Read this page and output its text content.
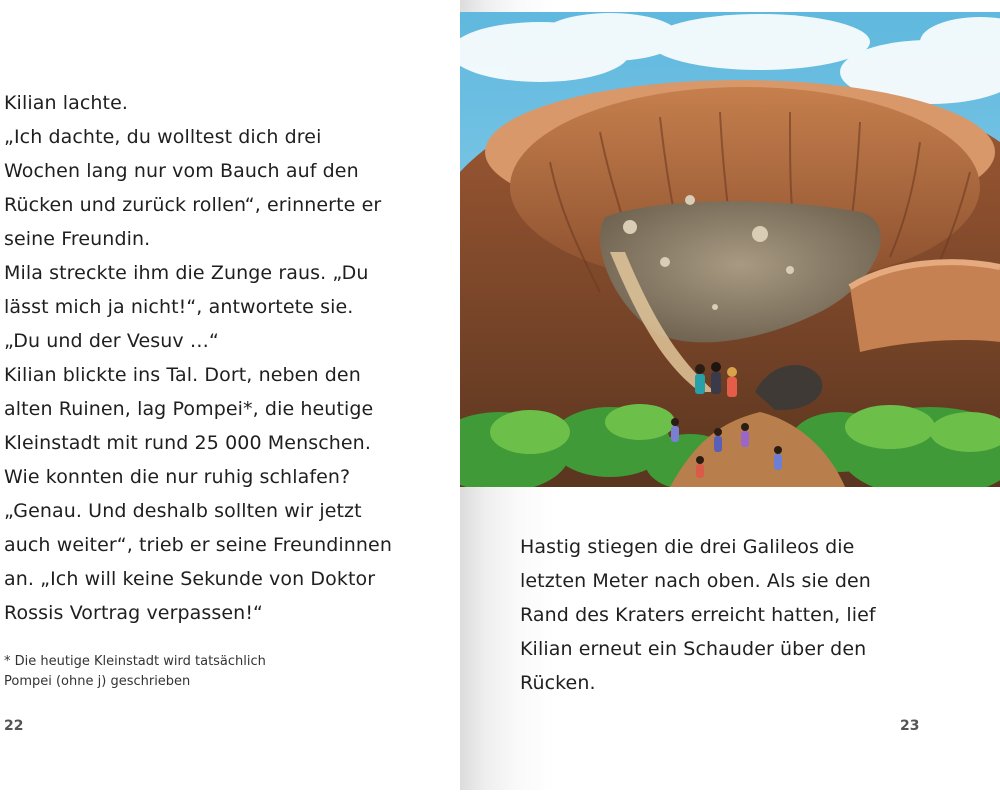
Kilian lachte.

„Ich dachte, du wolltest dich drei

Wochen lang nur vom Bauch auf den

Rücken und zurück rollen“, erinnerte er

seine Freundin.

Mila streckte ihm die Zunge raus. „Du

lässt mich ja nicht!“, antwortete sie.

„Du und der Vesuv …“

Kilian blickte ins Tal. Dort, neben den

alten Ruinen, lag Pompei*, die heutige

Kleinstadt mit rund 25 000 Menschen.

Wie konnten die nur ruhig schlafen?

„Genau. Und deshalb sollten wir jetzt

auch weiter“, trieb er seine Freundinnen

an. „Ich will keine Sekunde von Doktor

Rossis Vortrag verpassen!“

* Die heutige Kleinstadt wird tatsächlich

Pompei (ohne j) geschrieben

22

Hastig stiegen die drei Galileos die

letzten Meter nach oben. Als sie den

Rand des Kraters erreicht hatten, lief

Kilian erneut ein Schauder über den

Rücken.

23
